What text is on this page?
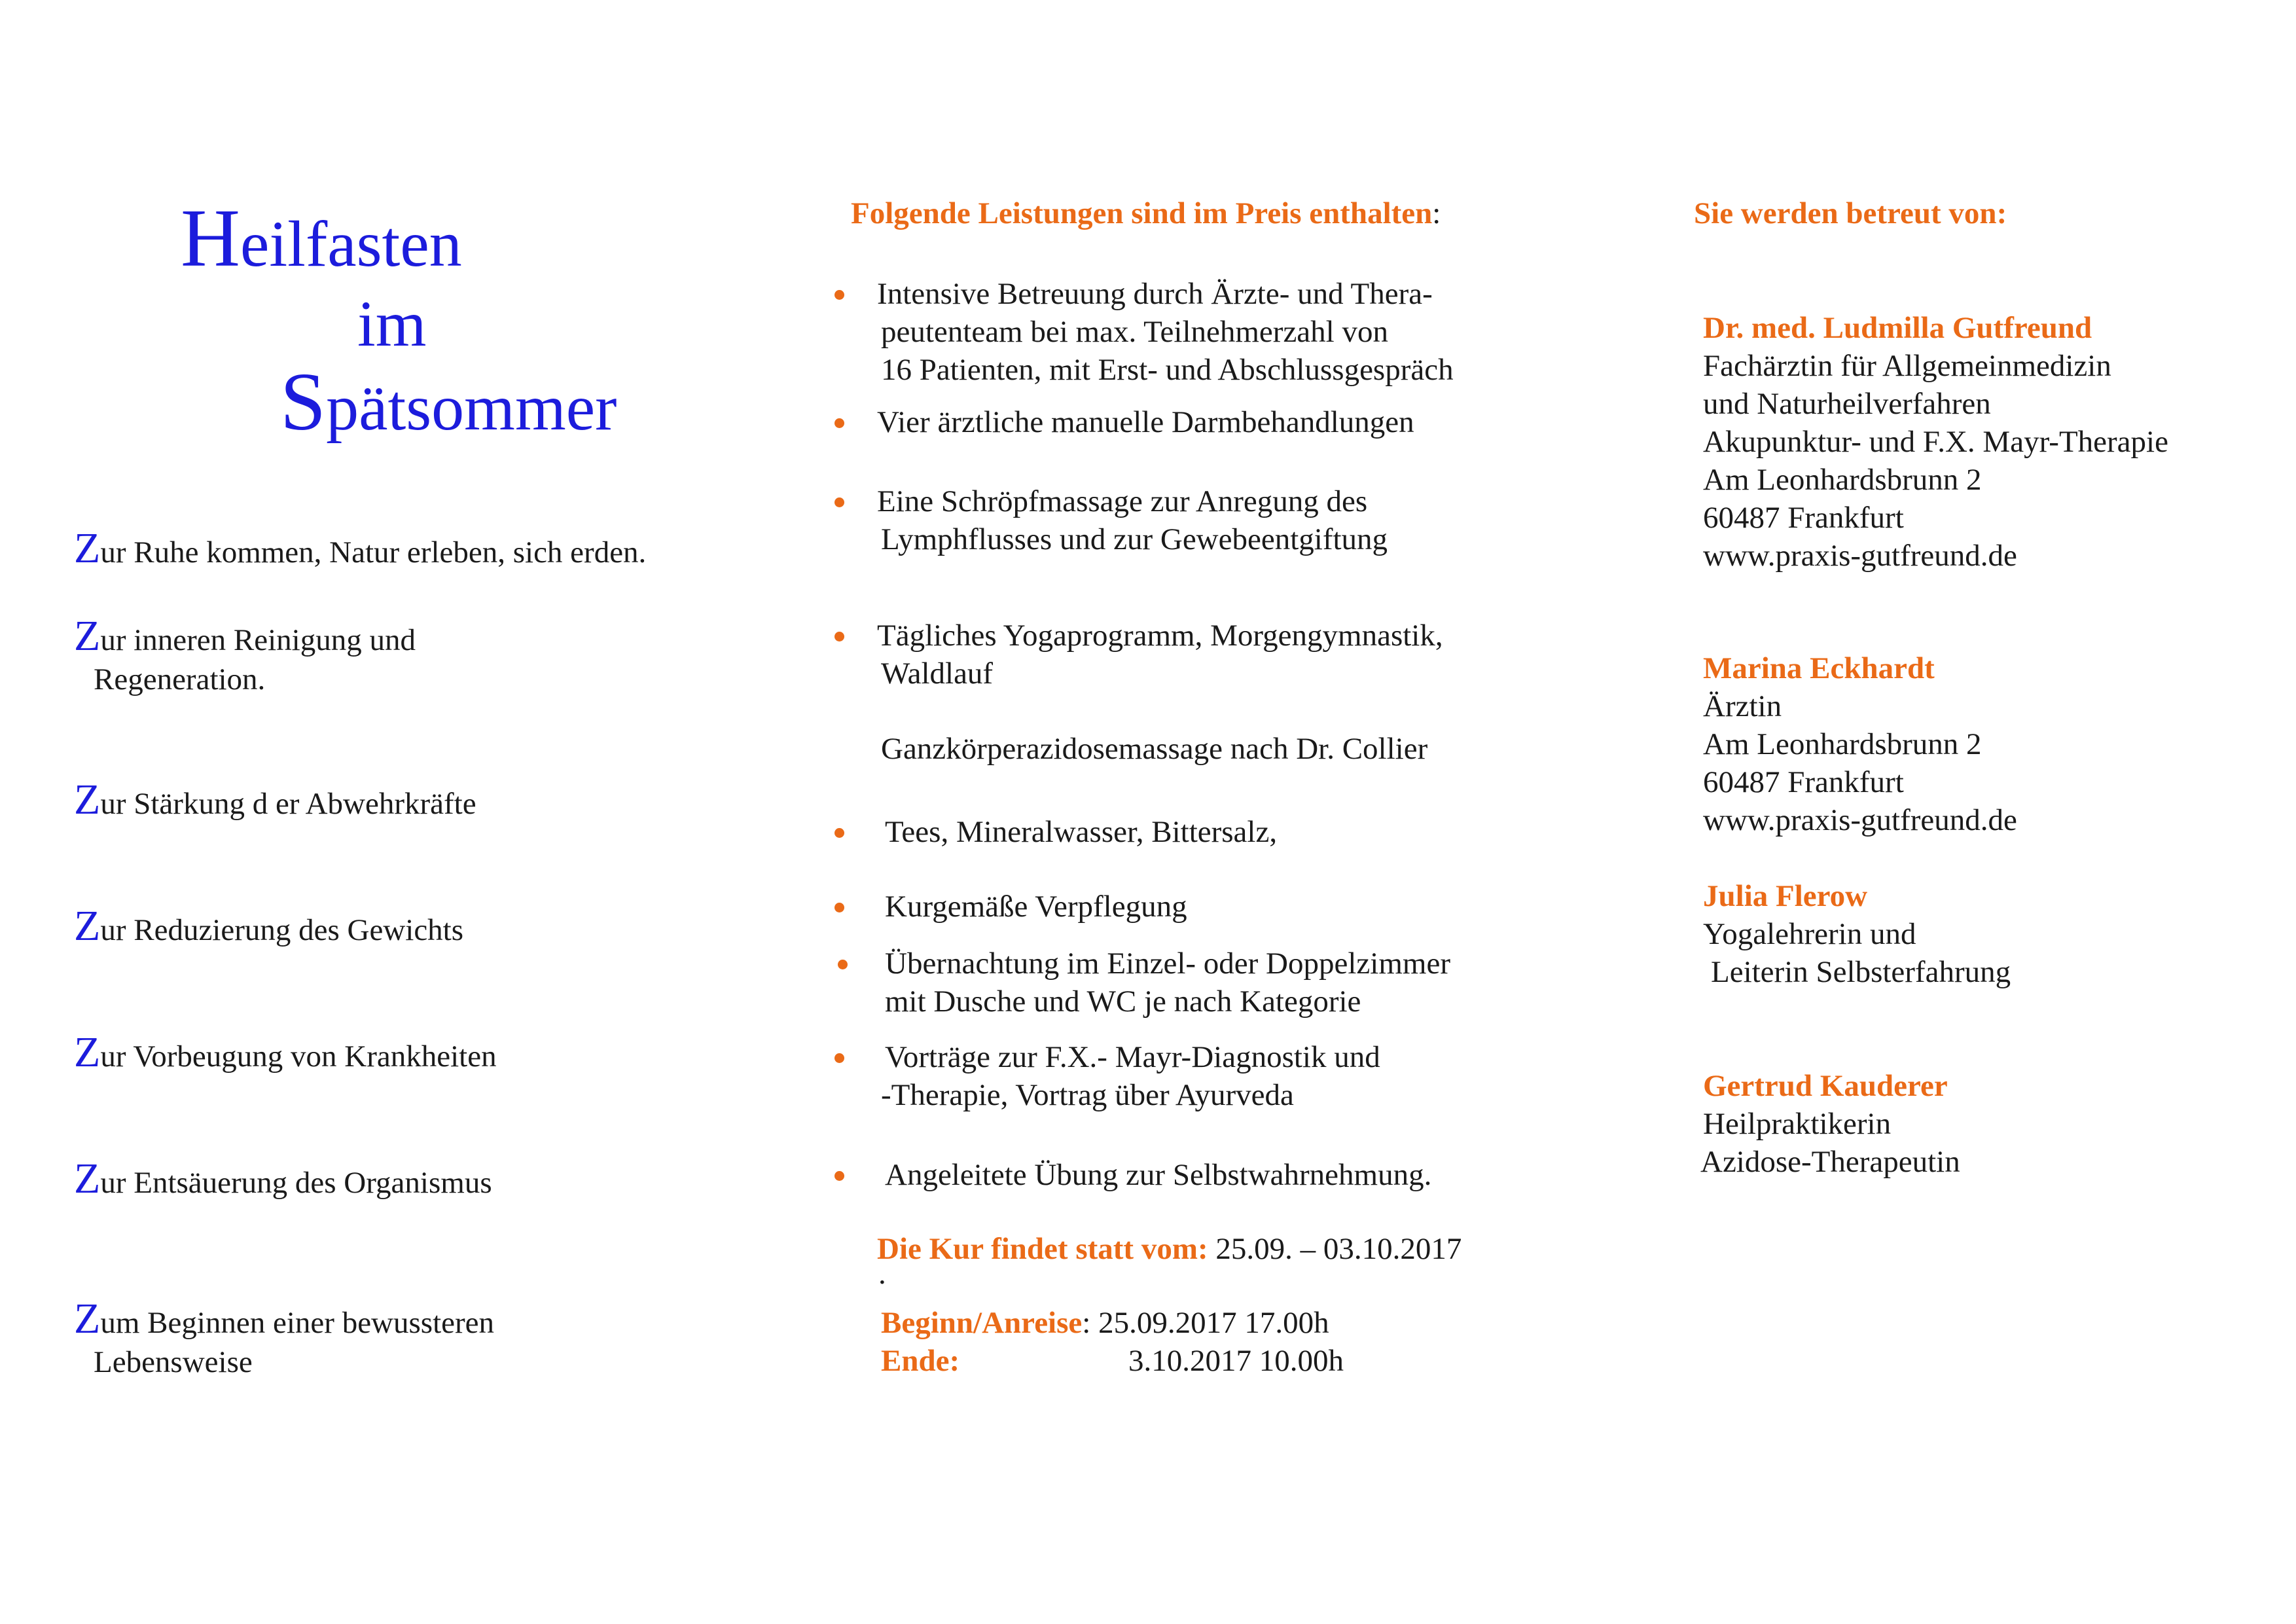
Heilfasten
im
Spätsommer
Zur Ruhe kommen, Natur erleben, sich erden.
Zur inneren Reinigung und
Regeneration.
Zur Stärkung d er Abwehrkräfte
Zur Reduzierung des Gewichts
Zur Vorbeugung von Krankheiten
Zur Entsäuerung des Organismus
Zum Beginnen einer bewussteren
Lebensweise
Folgende Leistungen sind im Preis enthalten:
Intensive Betreuung durch Ärzte- und Thera-
peutenteam bei max. Teilnehmerzahl von
16 Patienten, mit Erst- und Abschlussgespräch
Vier ärztliche manuelle Darmbehandlungen
Eine Schröpfmassage zur Anregung des
Lymphflusses und zur Gewebeentgiftung
Tägliches Yogaprogramm, Morgengymnastik,
Waldlauf
Ganzkörperazidosemassage nach Dr. Collier
Tees, Mineralwasser, Bittersalz,
Kurgemäße Verpflegung
Übernachtung im Einzel- oder Doppelzimmer
mit Dusche und WC je nach Kategorie
Vorträge zur F.X.- Mayr-Diagnostik und
-Therapie, Vortrag über Ayurveda
Angeleitete Übung zur Selbstwahrnehmung.
Die Kur findet statt vom: 25.09. – 03.10.2017
.
Beginn/Anreise: 25.09.2017 17.00h
Ende:	3.10.2017 10.00h
Sie werden betreut von:
Dr. med. Ludmilla Gutfreund
Fachärztin für Allgemeinmedizin
und Naturheilverfahren
Akupunktur- und F.X. Mayr-Therapie
Am Leonhardsbrunn 2
60487 Frankfurt
www.praxis-gutfreund.de
Marina Eckhardt
Ärztin
Am Leonhardsbrunn 2
60487 Frankfurt
www.praxis-gutfreund.de
Julia Flerow
Yogalehrerin und
Leiterin Selbsterfahrung
Gertrud Kauderer
Heilpraktikerin
Azidose-Therapeutin
